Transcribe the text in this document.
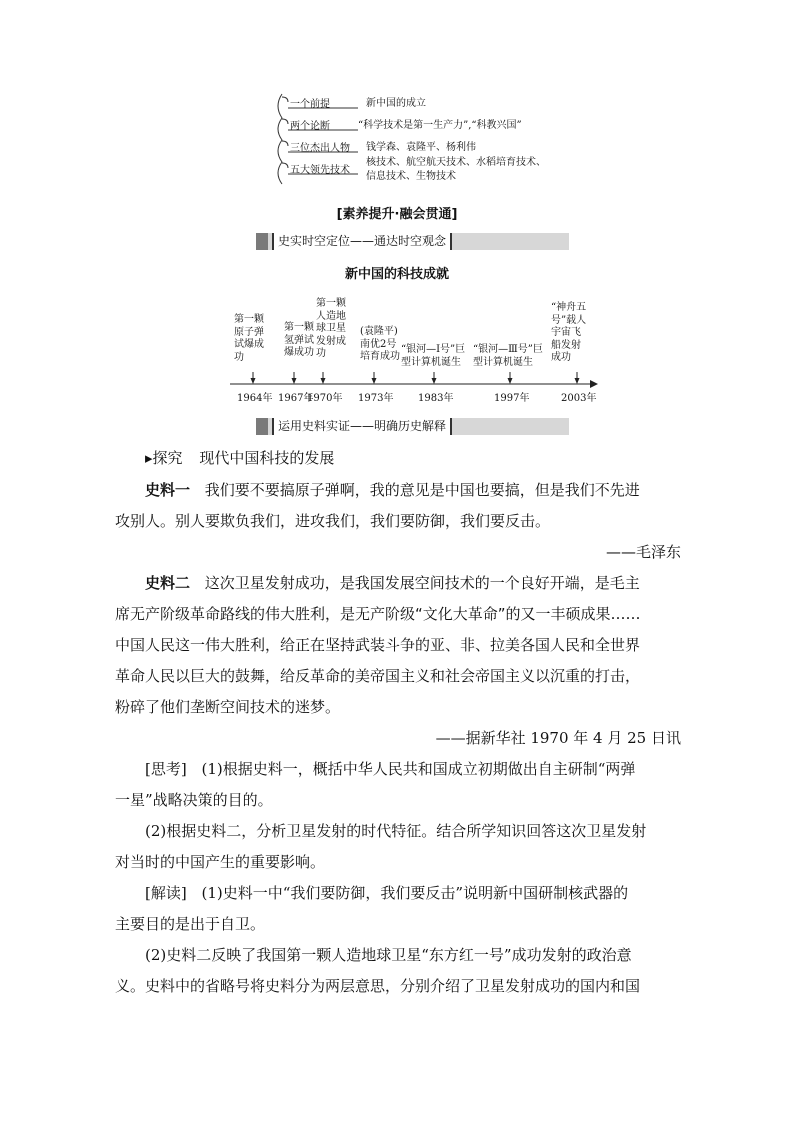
一个前提	新中国的成立
两个论断	“科学技术是第一生产力”,“科教兴国”
三位杰出人物 钱学森、袁隆平、杨利伟
五大领先技术
核技术、航空航天技术、水稻培育技术、
信息技术、生物技术
[素养提升·融会贯通]
史实时空定位——通达时空观念
新中国的科技成就
第一颗
原子弹
试爆成
功
1964年
第一颗
氢弹试
爆成功
1967年
第一颗
人造地
球卫星
发射成
功
1970年
(袁隆平)
南优2号
培育成功
1973年
“银河—Ⅰ号”巨
型计算机诞生
1983年
“银河—Ⅲ号”巨
型计算机诞生
1997年
“神舟五
号”载人
宇宙飞
船发射
成功
2003年
运用史料实证——明确历史解释
▸探究 现代中国科技的发展
史料一 我们要不要搞原子弹啊，我的意见是中国也要搞，但是我们不先进
攻别人。别人要欺负我们，进攻我们，我们要防御，我们要反击。
——毛泽东
史料二 这次卫星发射成功，是我国发展空间技术的一个良好开端，是毛主
席无产阶级革命路线的伟大胜利，是无产阶级“文化大革命”的又一丰硕成果……
中国人民这一伟大胜利，给正在坚持武装斗争的亚、非、拉美各国人民和全世界
革命人民以巨大的鼓舞，给反革命的美帝国主义和社会帝国主义以沉重的打击，
粉碎了他们垄断空间技术的迷梦。
——据新华社 1970 年 4 月 25 日讯
[思考] (1)根据史料一，概括中华人民共和国成立初期做出自主研制“两弹
一星”战略决策的目的。
(2)根据史料二，分析卫星发射的时代特征。结合所学知识回答这次卫星发射
对当时的中国产生的重要影响。
[解读] (1)史料一中“我们要防御，我们要反击”说明新中国研制核武器的
主要目的是出于自卫。
(2)史料二反映了我国第一颗人造地球卫星“东方红一号”成功发射的政治意
义。史料中的省略号将史料分为两层意思，分别介绍了卫星发射成功的国内和国
